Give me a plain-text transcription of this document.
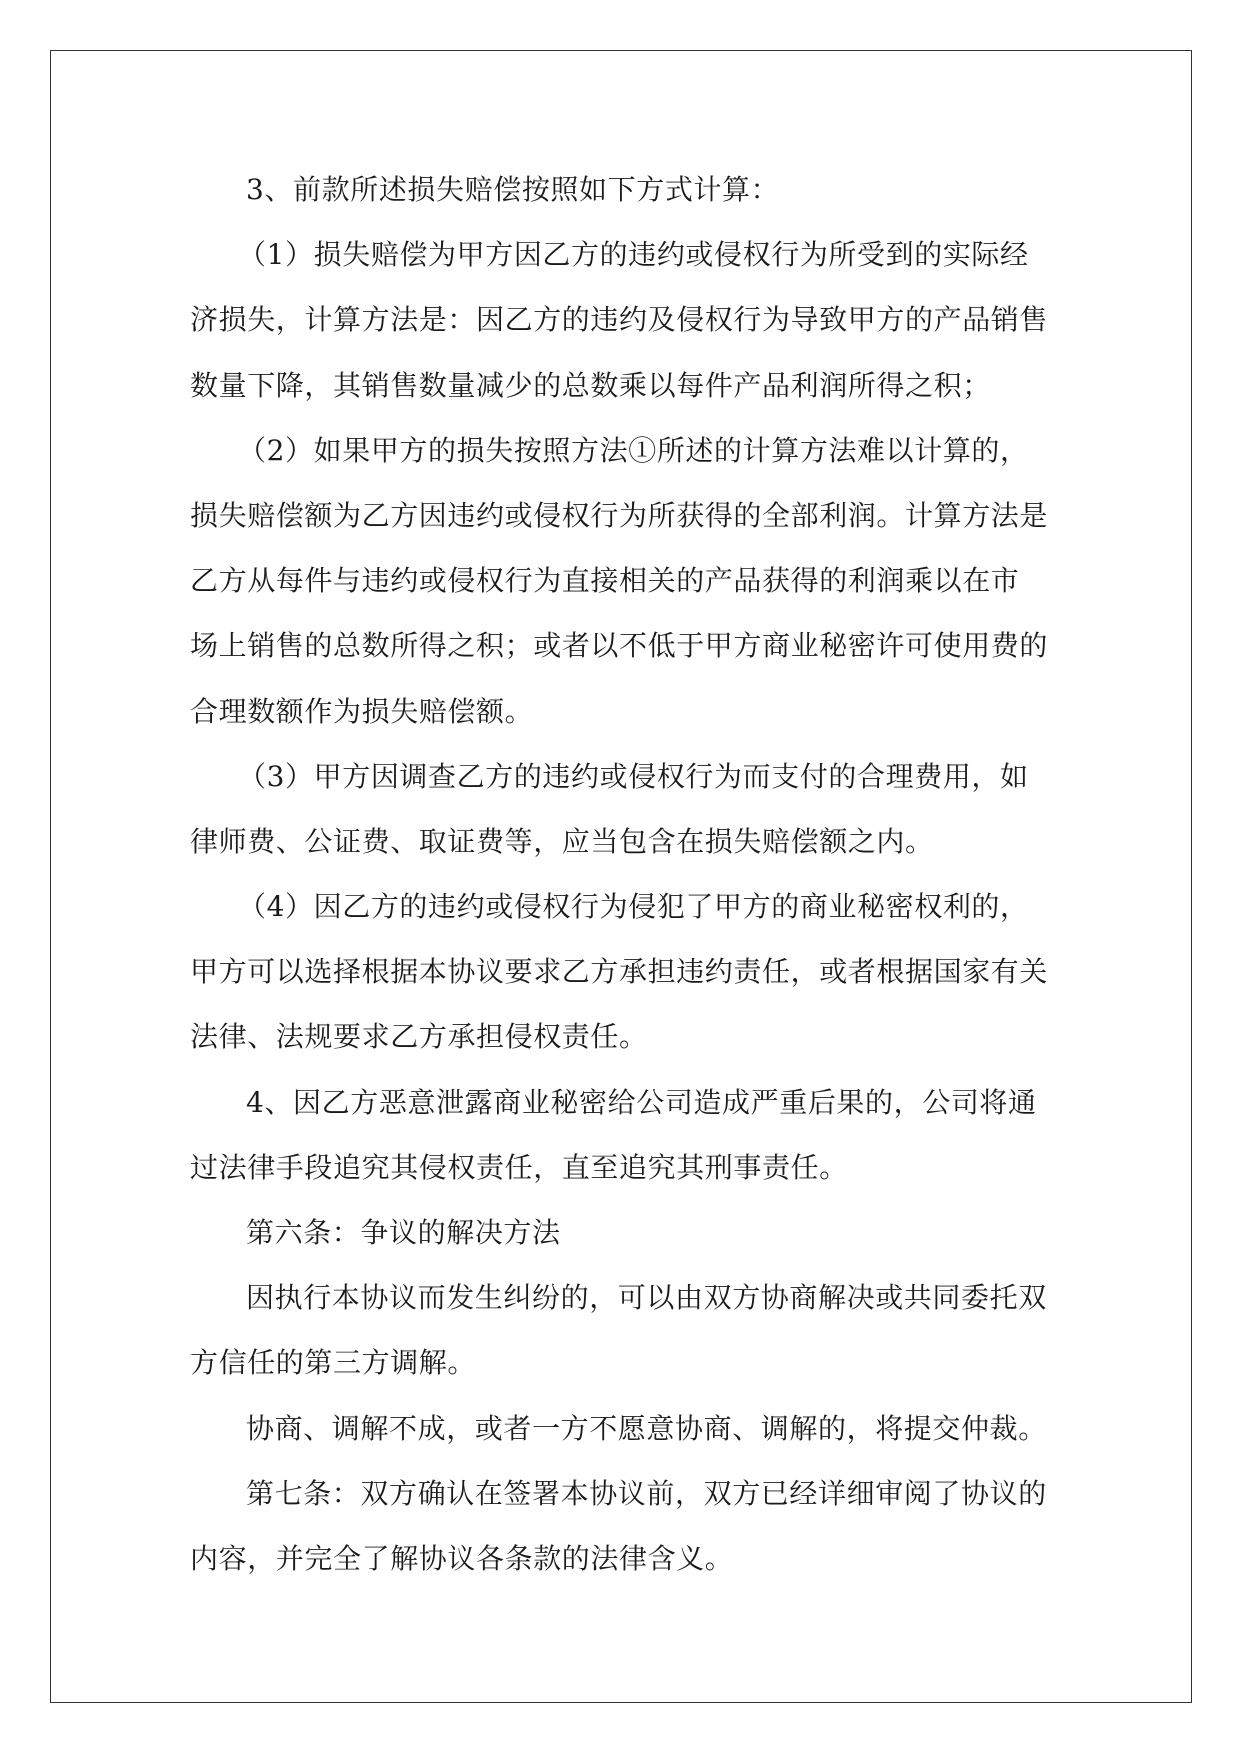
3、前款所述损失赔偿按照如下方式计算：
（1）损失赔偿为甲方因乙方的违约或侵权行为所受到的实际经
济损失，计算方法是：因乙方的违约及侵权行为导致甲方的产品销售
数量下降，其销售数量减少的总数乘以每件产品利润所得之积；
（2）如果甲方的损失按照方法①所述的计算方法难以计算的，
损失赔偿额为乙方因违约或侵权行为所获得的全部利润。计算方法是
乙方从每件与违约或侵权行为直接相关的产品获得的利润乘以在市
场上销售的总数所得之积；或者以不低于甲方商业秘密许可使用费的
合理数额作为损失赔偿额。
（3）甲方因调查乙方的违约或侵权行为而支付的合理费用，如
律师费、公证费、取证费等，应当包含在损失赔偿额之内。
（4）因乙方的违约或侵权行为侵犯了甲方的商业秘密权利的，
甲方可以选择根据本协议要求乙方承担违约责任，或者根据国家有关
法律、法规要求乙方承担侵权责任。
4、因乙方恶意泄露商业秘密给公司造成严重后果的，公司将通
过法律手段追究其侵权责任，直至追究其刑事责任。
第六条：争议的解决方法
因执行本协议而发生纠纷的，可以由双方协商解决或共同委托双
方信任的第三方调解。
协商、调解不成，或者一方不愿意协商、调解的，将提交仲裁。
第七条：双方确认在签署本协议前，双方已经详细审阅了协议的
内容，并完全了解协议各条款的法律含义。
